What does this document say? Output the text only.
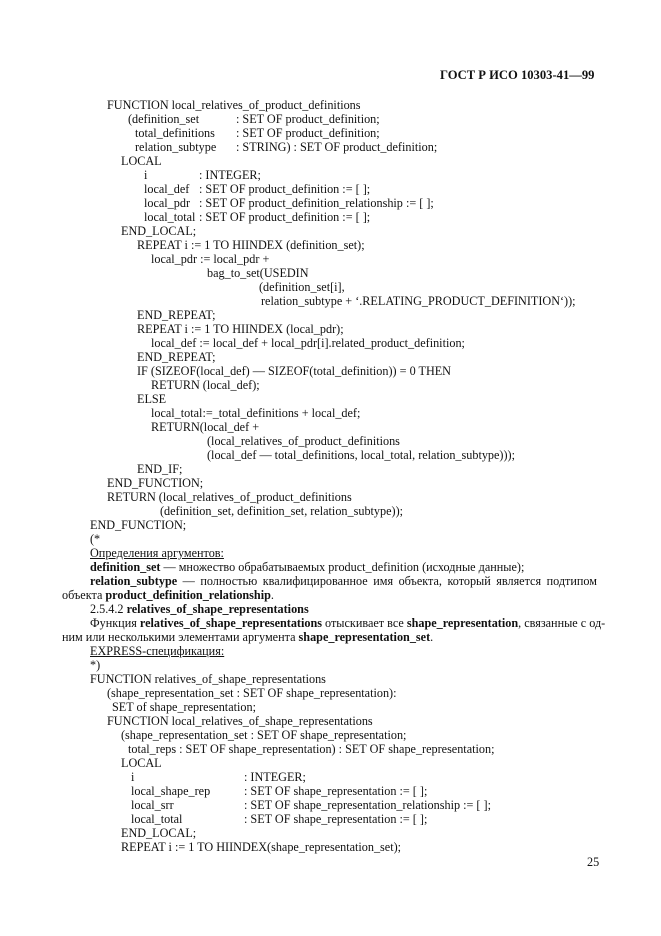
ГОСТ Р ИСО 10303-41—99
FUNCTION local_relatives_of_product_definitions
(definition_set	: SET OF product_definition;
total_definitions : SET OF product_definition;
relation_subtype : STRING) : SET OF product_definition;
LOCAL
i	: INTEGER;
local_def : SET OF product_definition := [ ];
local_pdr : SET OF product_definition_relationship := [ ];
local_total : SET OF product_definition := [ ];
END_LOCAL;
REPEAT i := 1 TO HIINDEX (definition_set);
local_pdr := local_pdr +
bag_to_set(USEDIN
(definition_set[i],
relation_subtype + ‘.RELATING_PRODUCT_DEFINITION‘));
END_REPEAT;
REPEAT i := 1 TO HIINDEX (local_pdr);
local_def := local_def + local_pdr[i].related_product_definition;
END_REPEAT;
IF (SIZEOF(local_def) — SIZEOF(total_definition)) = 0 THEN
RETURN (local_def);
ELSE
local_total:=_total_definitions + local_def;
RETURN(local_def +
(local_relatives_of_product_definitions
(local_def — total_definitions, local_total, relation_subtype)));
END_IF;
END_FUNCTION;
RETURN (local_relatives_of_product_definitions
(definition_set, definition_set, relation_subtype));
END_FUNCTION;
(*
Определения аргументов:
definition_set — множество обрабатываемых product_definition (исходные данные);
relation_subtype — полностью квалифицированное имя объекта, который является подтипом
объекта product_definition_relationship.
2.5.4.2 relatives_of_shape_representations
Функция relatives_of_shape_representations отыскивает все shape_representation, связанные с од-
ним или несколькими элементами аргумента shape_representation_set.
EXPRESS-спецификация:
*)
FUNCTION relatives_of_shape_representations
(shape_representation_set : SET OF shape_representation):
SET of shape_representation;
FUNCTION local_relatives_of_shape_representations
(shape_representation_set : SET OF shape_representation;
total_reps : SET OF shape_representation) : SET OF shape_representation;
LOCAL
i	: INTEGER;
local_shape_rep	: SET OF shape_representation := [ ];
local_srr	: SET OF shape_representation_relationship := [ ];
local_total	: SET OF shape_representation := [ ];
END_LOCAL;
REPEAT i := 1 TO HIINDEX(shape_representation_set);
25
